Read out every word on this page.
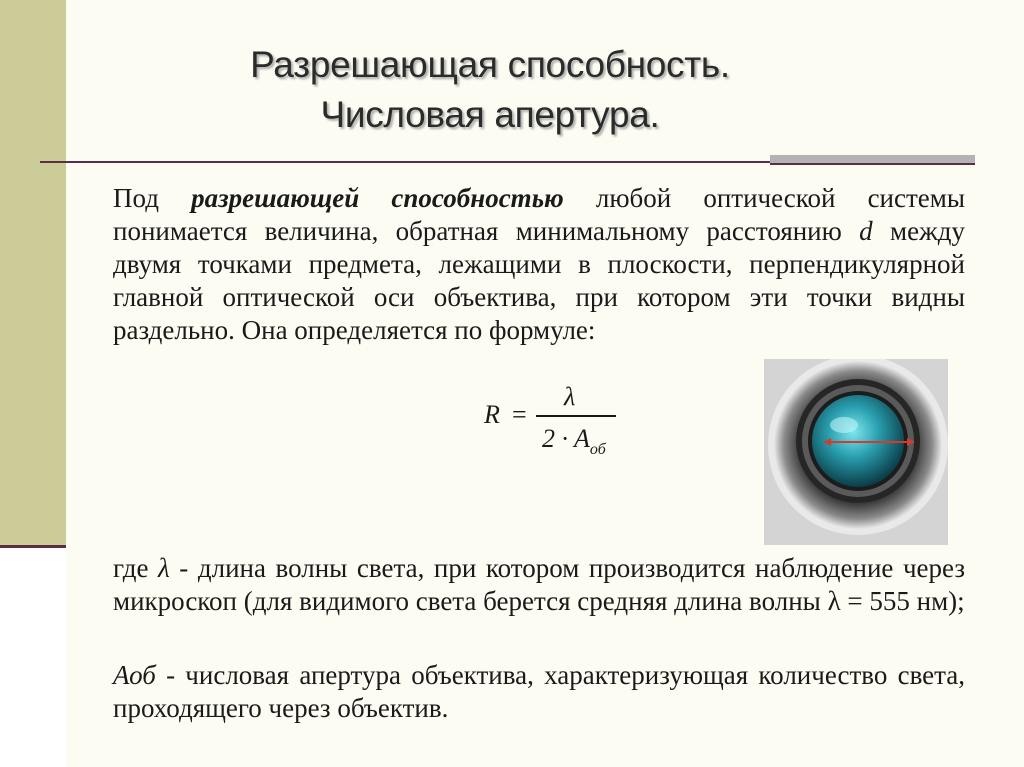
Разрешающая способность.
Числовая апертура.

Под разрешающей способностью любой оптической системы понимается величина, обратная минимальному расстоянию d между двумя точками предмета, лежащими в плоскости, перпендикулярной главной оптической оси объектива, при котором эти точки видны раздельно. Она определяется по формуле:

R =
λ
$2 \cdot A_{об}$

где λ - длина волны света, при котором производится наблюдение через микроскоп (для видимого света берется средняя длина волны λ = 555 нм);

Аоб - числовая апертура объектива, характеризующая количество света, проходящего через объектив.
